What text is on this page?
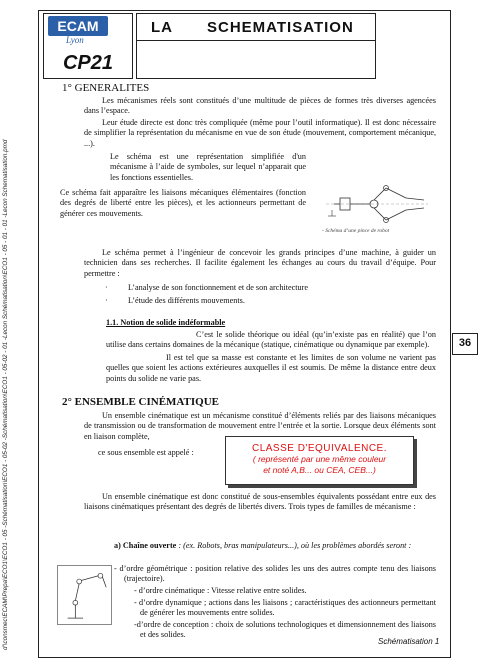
ECAM
Lyon
CP21
LA SCHEMATISATION
d'\consmec\ECAM\Prepa\ECO1\ECO1 - 05 -Schématisation\ECO1 - 05-02 -Schématisation\ECO1 - 05-02 - 01 -Lecon Schématisation\ECO1 - 05 - 01 - 01 -Lecon Schematisation.pmd	36
1° GENERALITES
Les mécanismes réels sont constitués d’une multitude de pièces de formes très diverses agencées dans l’espace.
Leur étude directe est donc très compliquée (même pour l’outil informatique). Il est donc nécessaire de simplifier la représentation du mécanisme en vue de son étude (mouvement, comportement mécanique, ...).
Le schéma est une représentation simplifiée d'un mécanisme à l’aide de symboles, sur lequel n’apparait que les fonctions essentielles.
Ce schéma fait apparaître les liaisons mécaniques élémentaires (fonction des degrés de liberté entre les pièces), et les actionneurs permettant de générer ces mouvements.
- Schéma d’une pince de robot
Le schéma permet à l’ingénieur de concevoir les grands principes d’une machine, à guider un technicien dans ses recherches. Il facilite également les échanges au cours du travail d’équipe. Pour permettre :
· L’analyse de son fonctionnement et de son architecture
· L’étude des différents mouvements.
1.1. Notion de solide indéformable
C’est le solide théorique ou idéal (qu’in’existe pas en réalité) que l’on utilise dans certains domaines de la mécanique (statique, cinématique ou dynamique par exemple).
Il est tel que sa masse est constante et les limites de son volume ne varient pas quelles que soient les actions extérieures auxquelles il est soumis. De même la distance entre deux points du solide ne varie pas.
2° ENSEMBLE CINÉMATIQUE
Un ensemble cinématique est un mécanisme constitué d’éléments reliés par des liaisons mécaniques de transmission ou de transformation de mouvement entre l’entrée et la sortie. Lorsque deux éléments sont en liaison complète,
ce sous ensemble est appelé :	CLASSE D'EQUIVALENCE.
( représenté par une même couleur
et noté A,B... ou CEA, CEB...)
Un ensemble cinématique est donc constitué de sous-ensembles équivalents possédant entre eux des liaisons cinématiques présentant des degrés de libertés divers. Trois types de familles de mécanisme :
a) Chaîne ouverte : (ex. Robots, bras manipulateurs...), où les problèmes abordés seront :
- d’ordre géométrique : position relative des solides les uns des autres compte tenu des liaisons (trajectoire).
- d’ordre cinématique : Vitesse relative entre solides.
- d’ordre dynamique ; actions dans les liaisons ; caractéristiques des actionneurs permettant de générer les mouvements entre solides.
-d’ordre de conception : choix de solutions technologiques et dimensionnement des liaisons et des solides.
Schématisation 1
